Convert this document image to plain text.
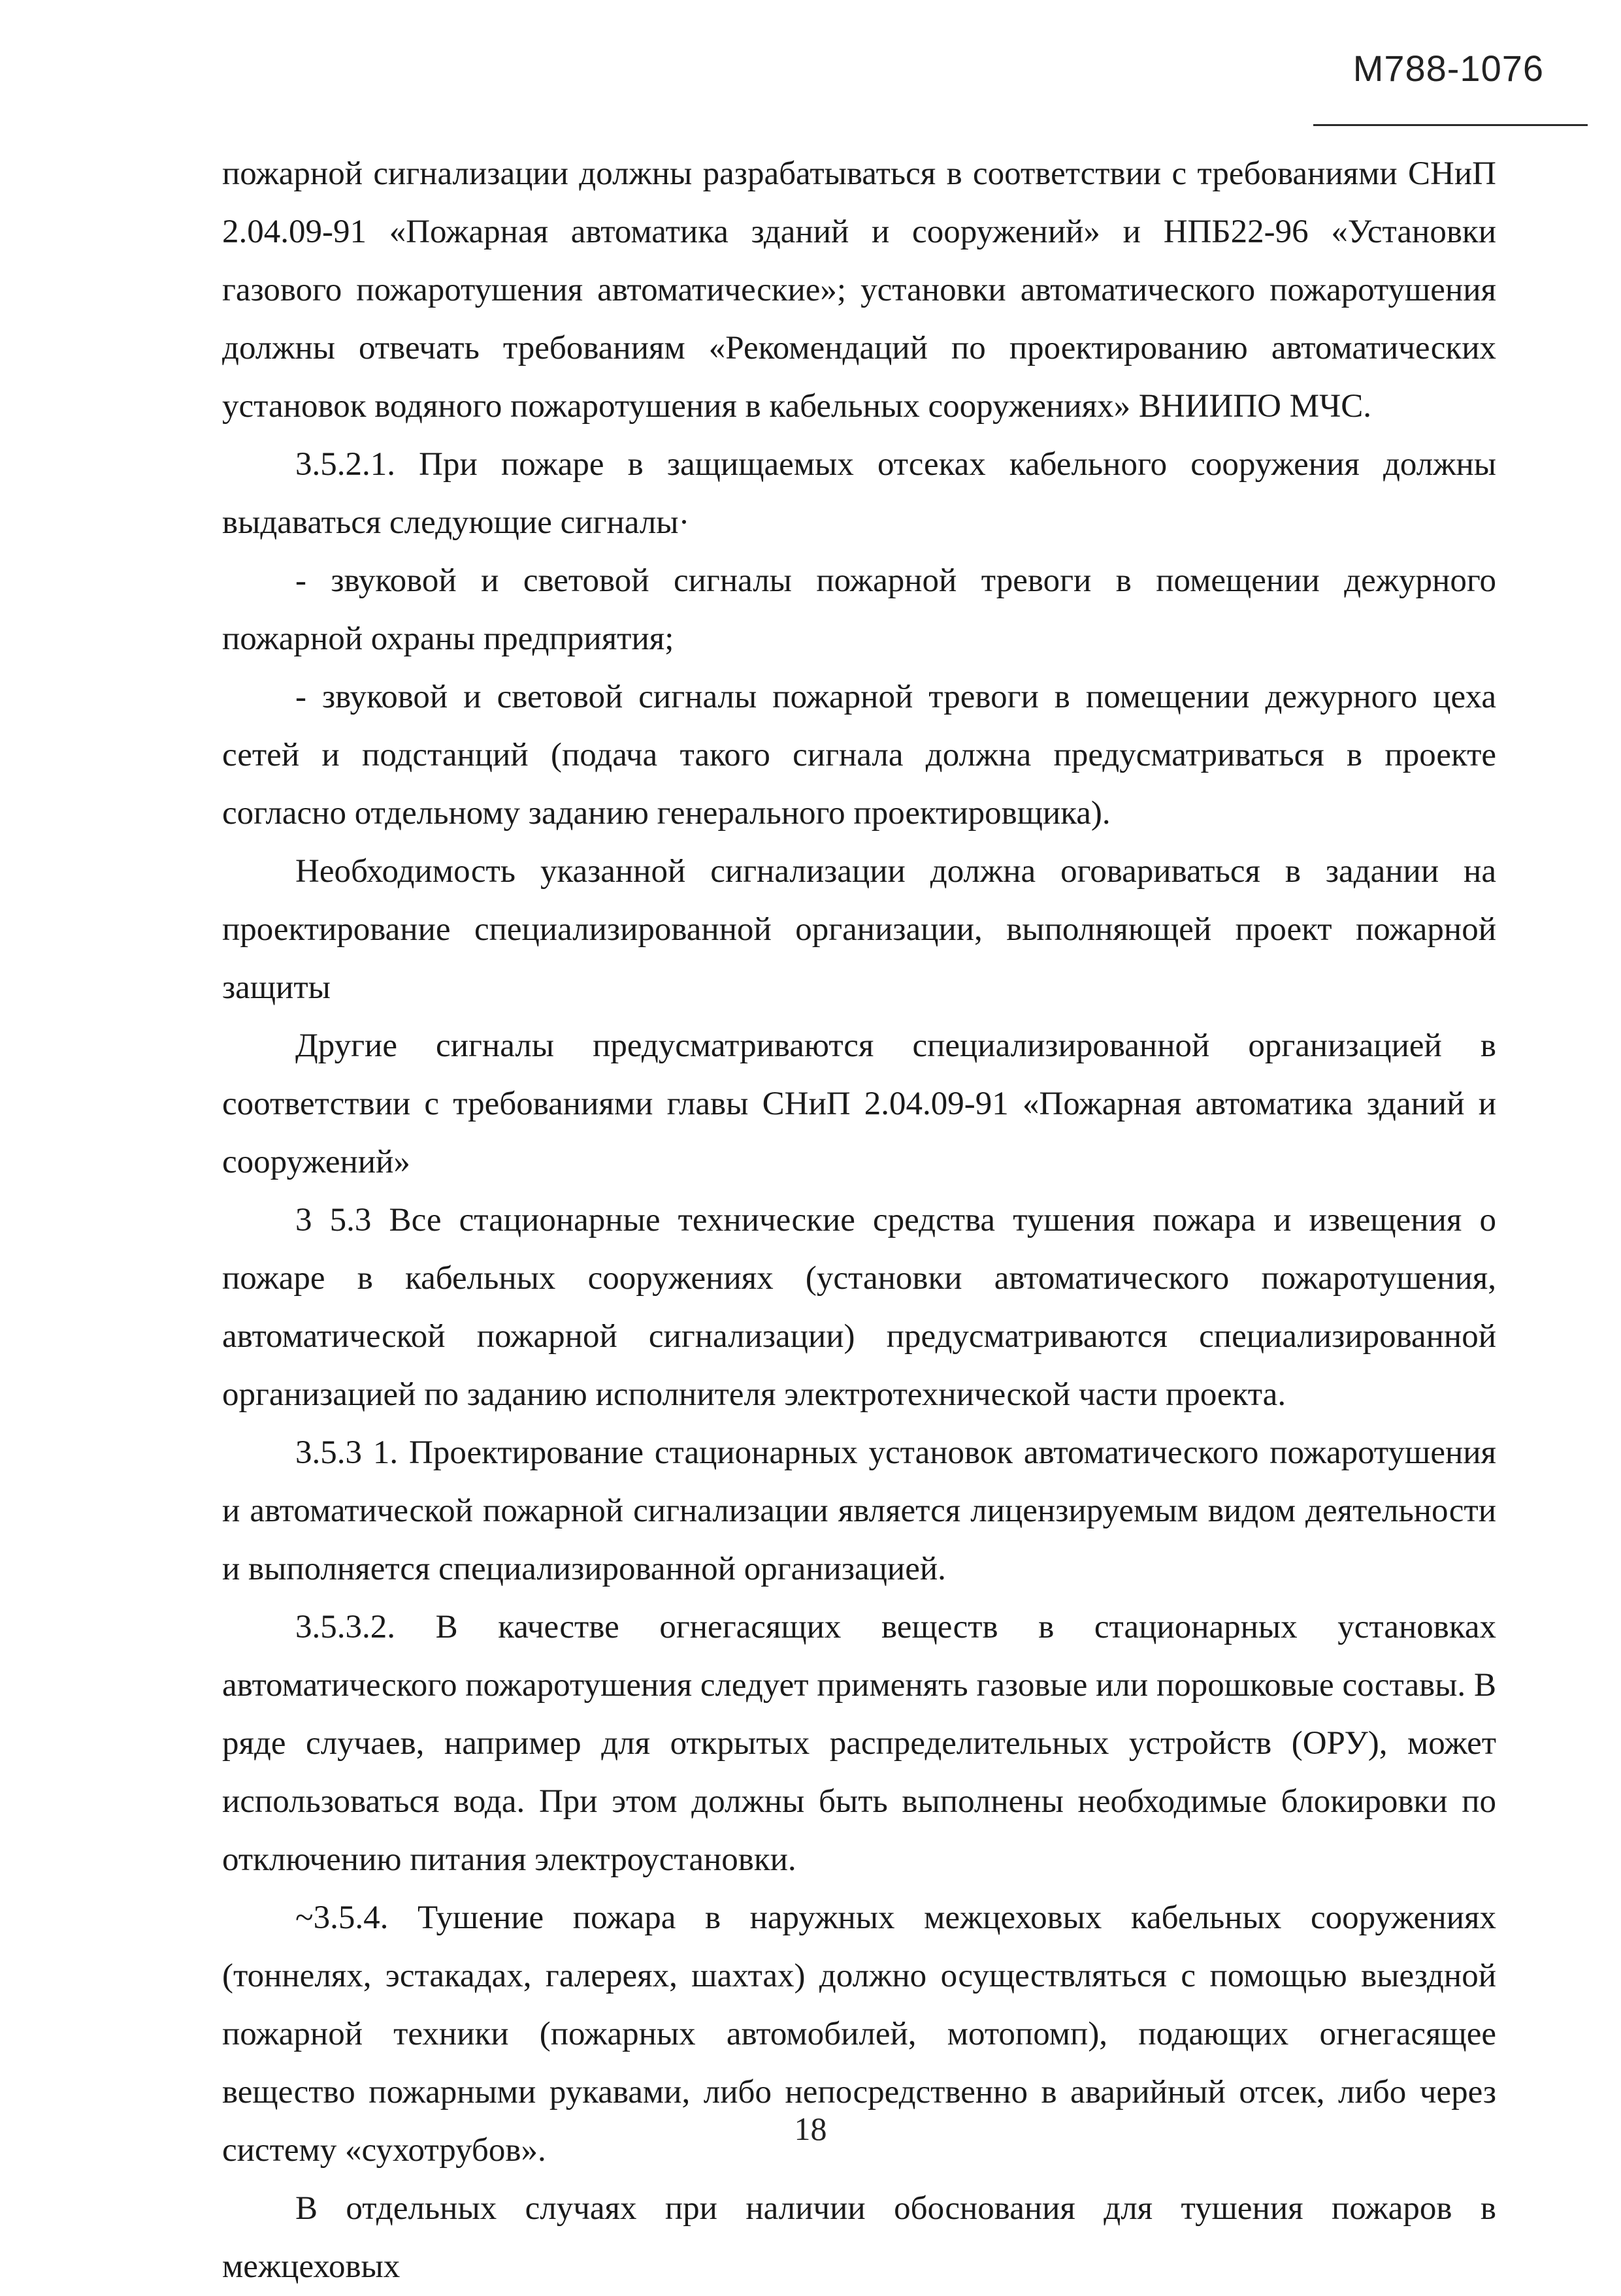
М788-1076

пожарной сигнализации должны разрабатываться в соответствии с требованиями СНиП 2.04.09-91 «Пожарная автоматика зданий и сооружений» и НПБ22-96 «Установки газового пожаротушения автоматические»; установки автоматического пожаротушения должны отвечать требованиям «Рекомендаций по проектированию автоматических установок водяного пожаротушения в кабельных сооружениях» ВНИИПО МЧС.

3.5.2.1. При пожаре в защищаемых отсеках кабельного сооружения должны выдаваться следующие сигналы·

- звуковой и световой сигналы пожарной тревоги в помещении дежурного пожарной охраны предприятия;

- звуковой и световой сигналы пожарной тревоги в помещении дежурного цеха сетей и подстанций (подача такого сигнала должна предусматриваться в проекте согласно отдельному заданию генерального проектировщика).

Необходимость указанной сигнализации должна оговариваться в задании на проектирование специализированной организации, выполняющей проект пожарной защиты

Другие сигналы предусматриваются специализированной организацией в соответствии с требованиями главы СНиП 2.04.09-91 «Пожарная автоматика зданий и сооружений»

3 5.3 Все стационарные технические средства тушения пожара и извещения о пожаре в кабельных сооружениях (установки автоматического пожаротушения, автоматической пожарной сигнализации) предусматриваются специализированной организацией по заданию исполнителя электротехнической части проекта.

3.5.3 1. Проектирование стационарных установок автоматического пожаротушения и автоматической пожарной сигнализации является лицензируемым видом деятельности и выполняется специализированной организацией.

3.5.3.2. В качестве огнегасящих веществ в стационарных установках автоматического пожаротушения следует применять газовые или порошковые составы. В ряде случаев, например для открытых распределительных устройств (ОРУ), может использоваться вода. При этом должны быть выполнены необходимые блокировки по отключению питания электроустановки.

~3.5.4. Тушение пожара в наружных межцеховых кабельных сооружениях (тоннелях, эстакадах, галереях, шахтах) должно осуществляться с помощью выездной пожарной техники (пожарных автомобилей, мотопомп), подающих огнегасящее вещество пожарными рукавами, либо непосредственно в аварийный отсек, либо через систему «сухотрубов».

В отдельных случаях при наличии обоснования для тушения пожаров в межцеховых

18
